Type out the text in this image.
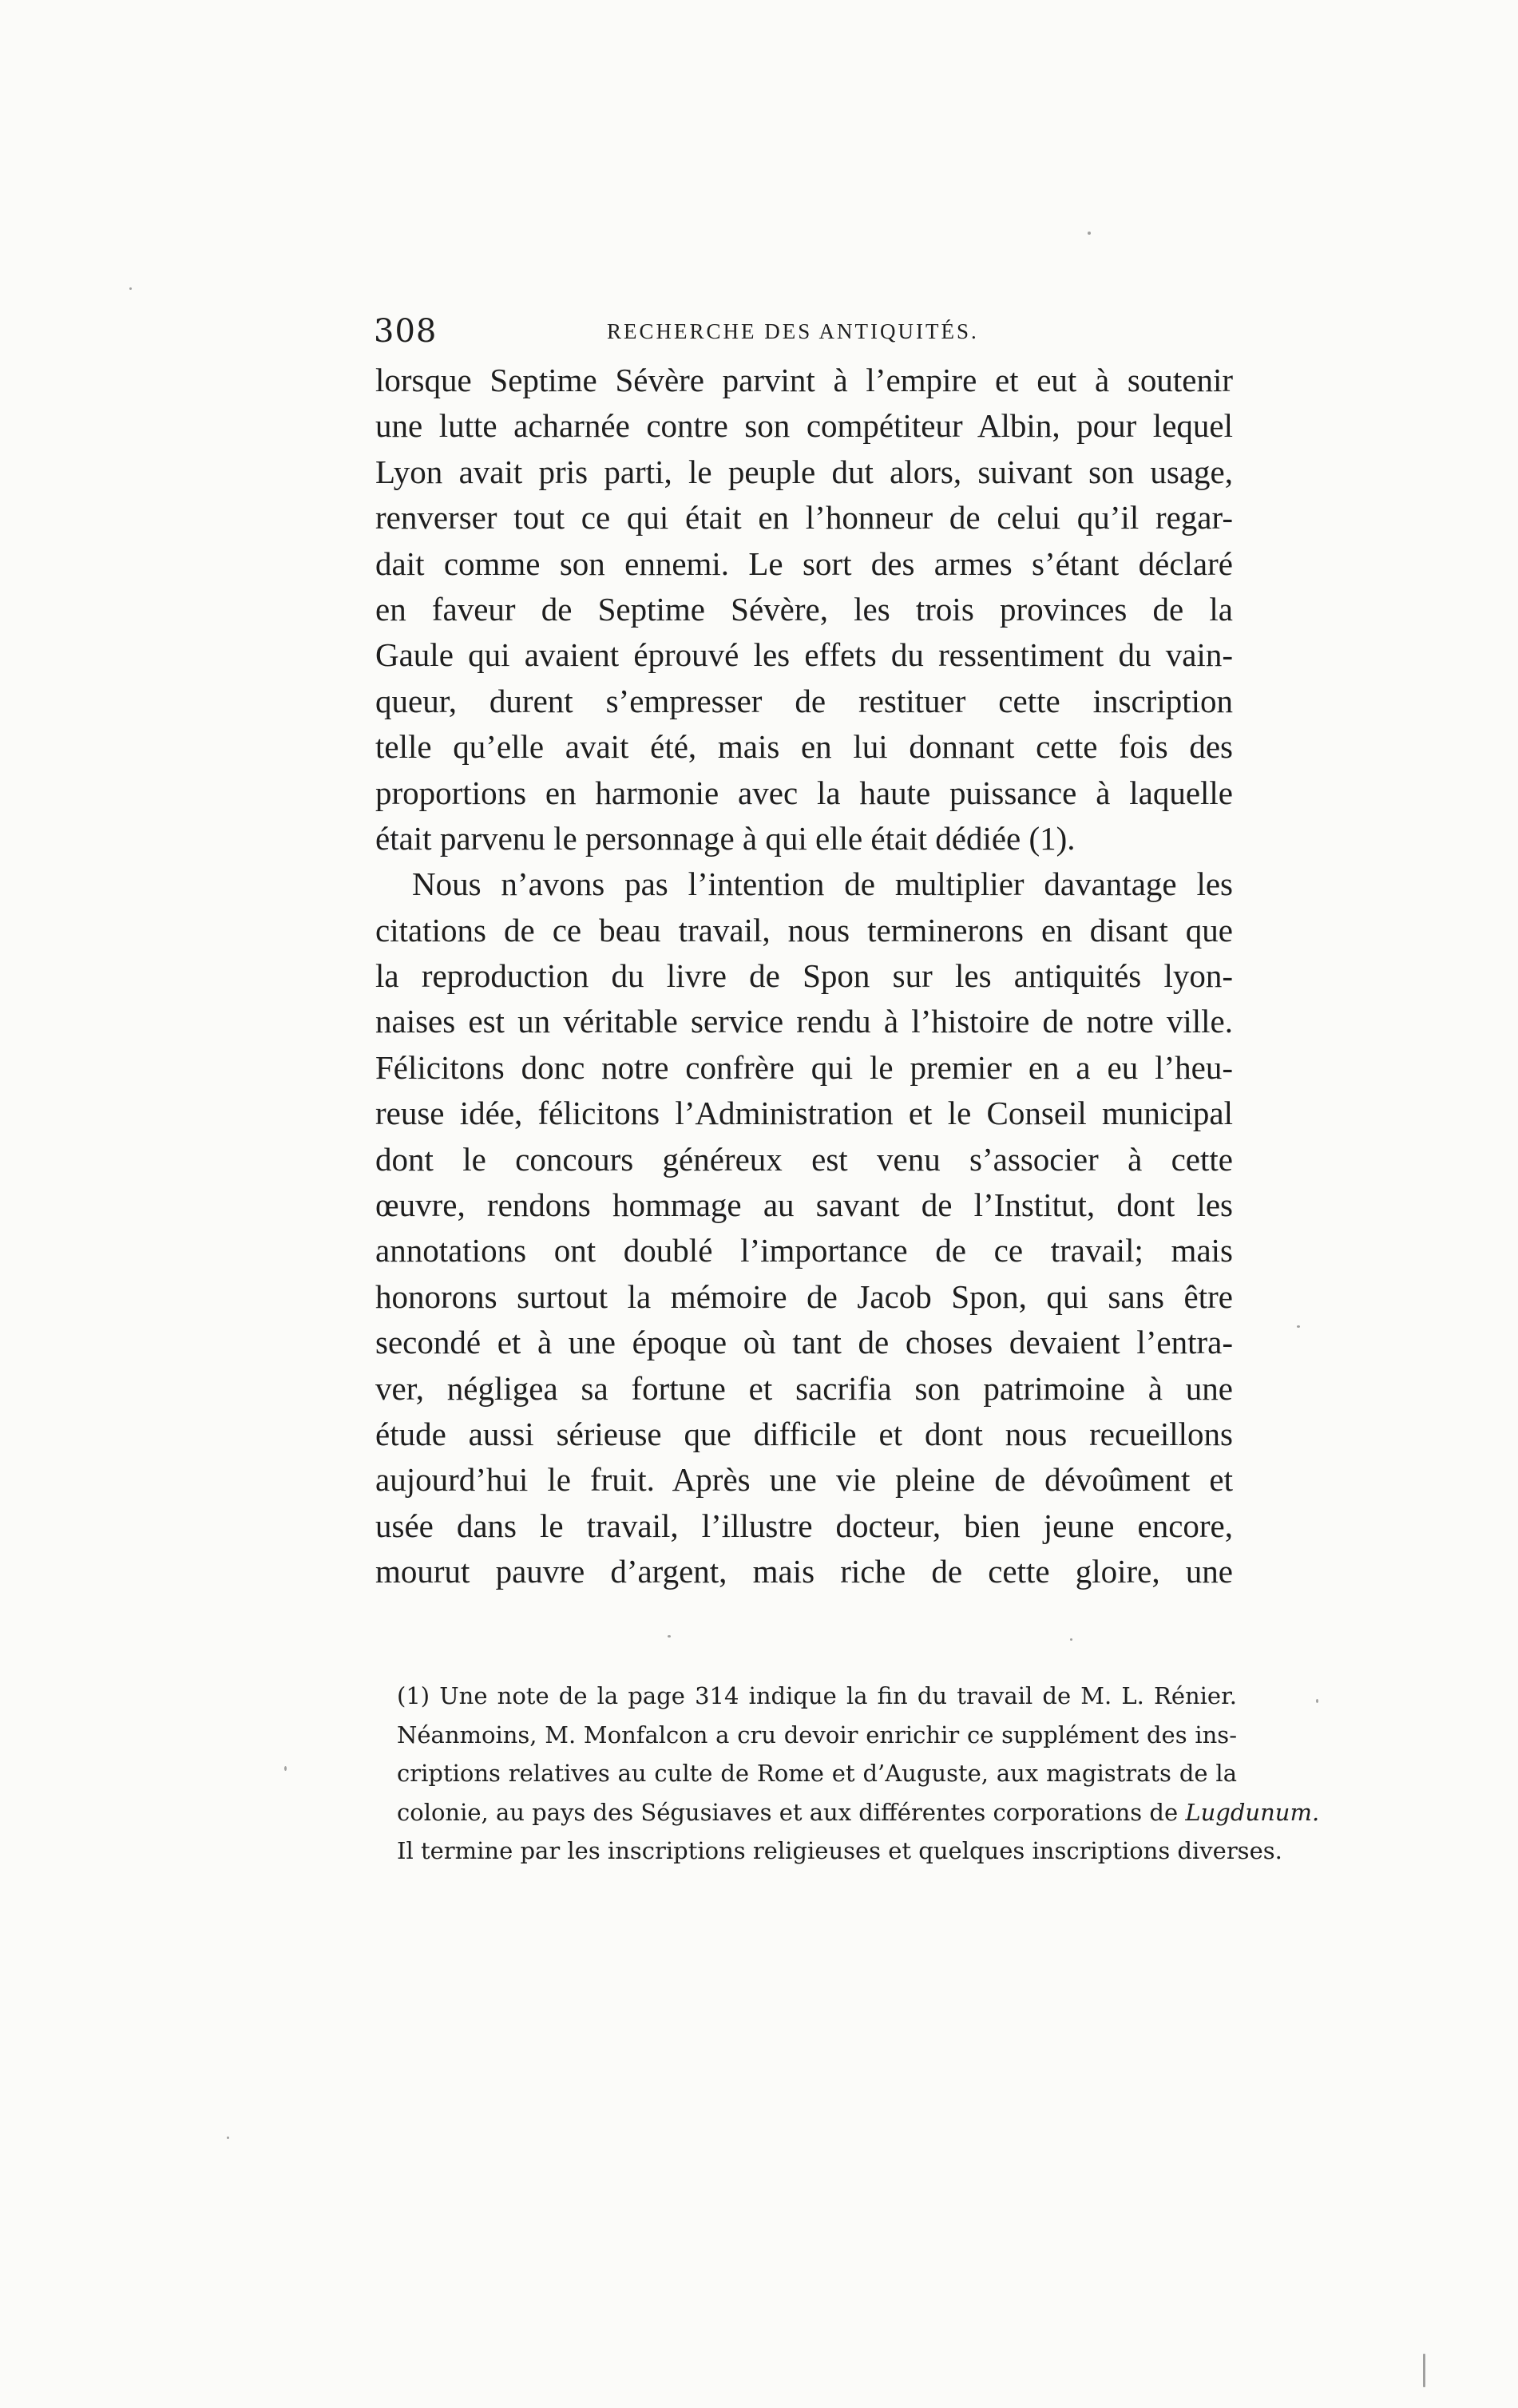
308	RECHERCHE DES ANTIQUITÉS.
lorsque Septime Sévère parvint à l’empire et eut à soutenir
une lutte acharnée contre son compétiteur Albin, pour lequel
Lyon avait pris parti, le peuple dut alors, suivant son usage,
renverser tout ce qui était en l’honneur de celui qu’il regar-
dait comme son ennemi. Le sort des armes s’étant déclaré
en faveur de Septime Sévère, les trois provinces de la
Gaule qui avaient éprouvé les effets du ressentiment du vain-
queur, durent s’empresser de restituer cette inscription
telle qu’elle avait été, mais en lui donnant cette fois des
proportions en harmonie avec la haute puissance à laquelle
était parvenu le personnage à qui elle était dédiée (1).
Nous n’avons pas l’intention de multiplier davantage les
citations de ce beau travail, nous terminerons en disant que
la reproduction du livre de Spon sur les antiquités lyon-
naises est un véritable service rendu à l’histoire de notre ville.
Félicitons donc notre confrère qui le premier en a eu l’heu-
reuse idée, félicitons l’Administration et le Conseil municipal
dont le concours généreux est venu s’associer à cette
œuvre, rendons hommage au savant de l’Institut, dont les
annotations ont doublé l’importance de ce travail; mais
honorons surtout la mémoire de Jacob Spon, qui sans être
secondé et à une époque où tant de choses devaient l’entra-
ver, négligea sa fortune et sacrifia son patrimoine à une
étude aussi sérieuse que difficile et dont nous recueillons
aujourd’hui le fruit. Après une vie pleine de dévoûment et
usée dans le travail, l’illustre docteur, bien jeune encore,
mourut pauvre d’argent, mais riche de cette gloire, une
(1) Une note de la page 314 indique la fin du travail de M. L. Rénier.
Néanmoins, M. Monfalcon a cru devoir enrichir ce supplément des ins-
criptions relatives au culte de Rome et d’Auguste, aux magistrats de la
colonie, au pays des Ségusiaves et aux différentes corporations de Lugdunum.
Il termine par les inscriptions religieuses et quelques inscriptions diverses.
